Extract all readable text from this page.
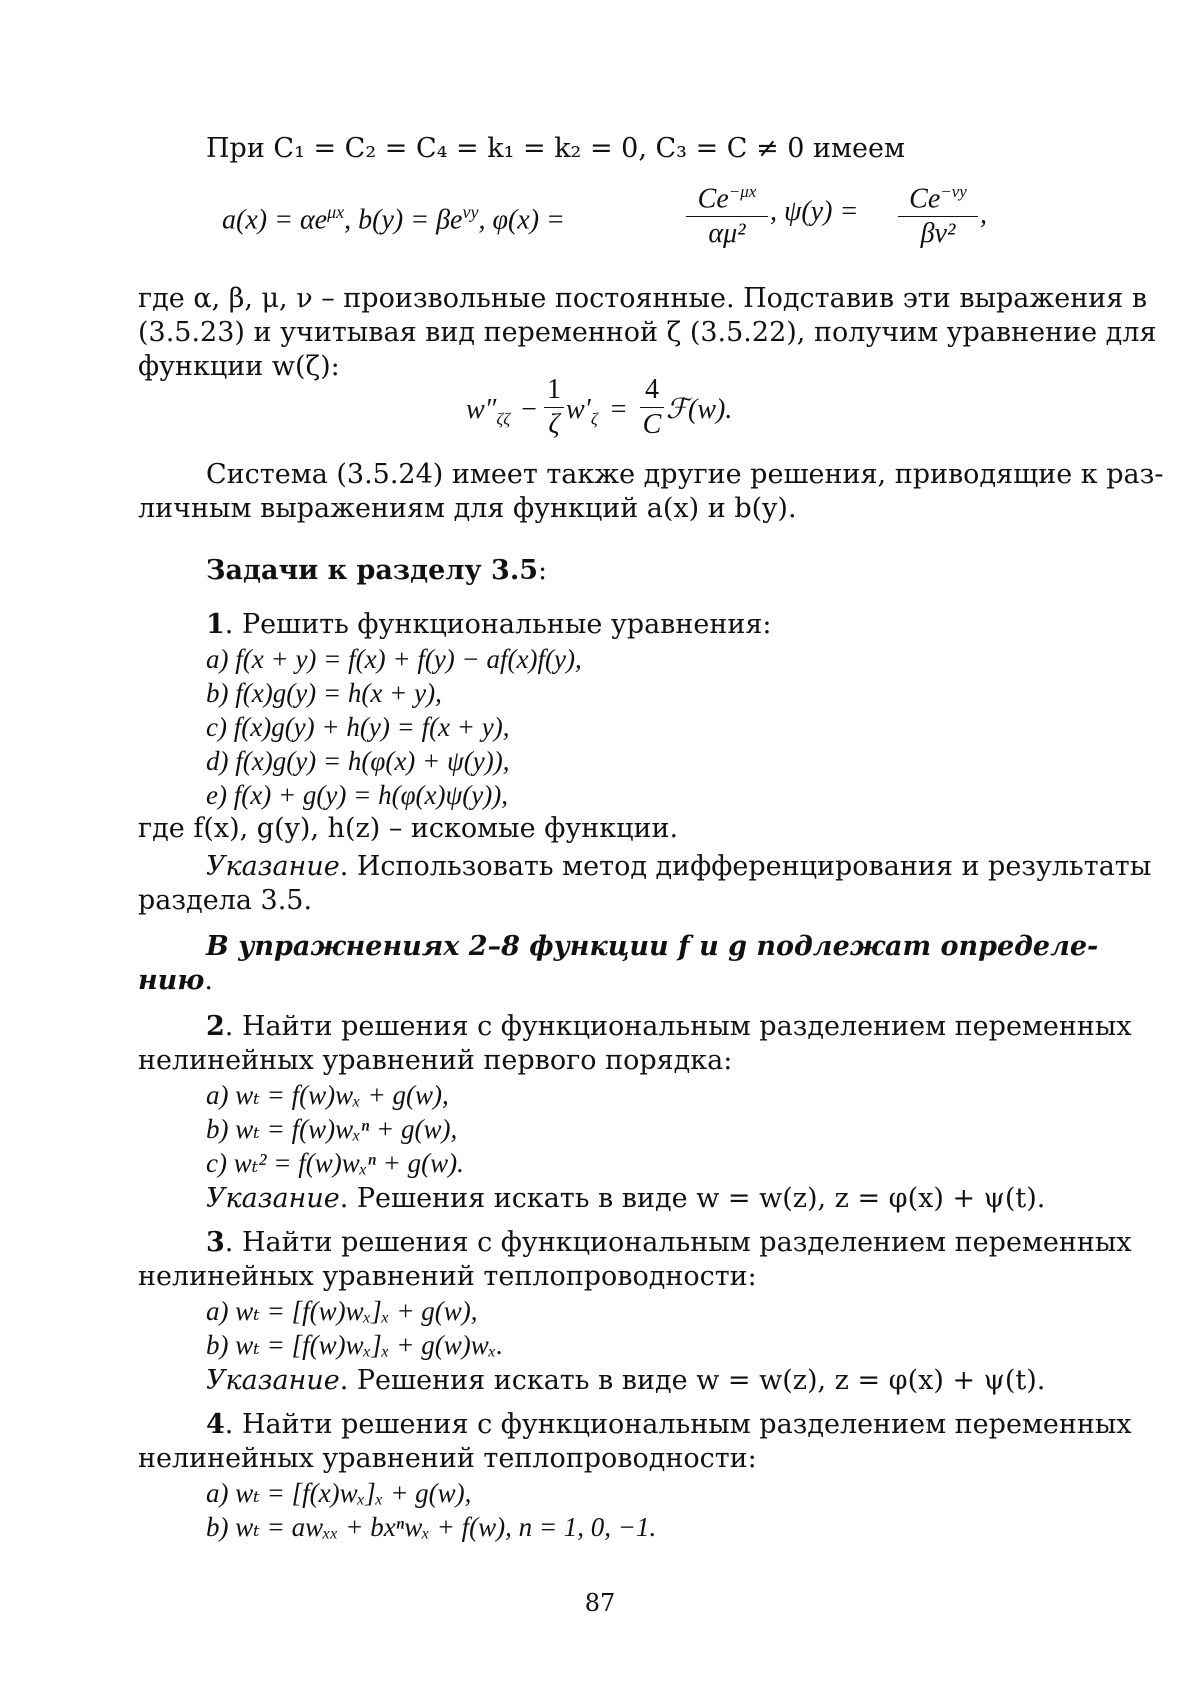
При C₁ = C₂ = C₄ = k₁ = k₂ = 0, C₃ = C ≠ 0 имеем
$a(x) = \alpha e^{\mu x}$, $b(y) = \beta e^{\nu y}$, φ(x) =
$Ce^{-\mu x}$
αμ²
, ψ(y) =	$Ce^{-\nu y}$
βν²
,
где α, β, μ, ν – произвольные постоянные. Подставив эти выражения в
(3.5.23) и учитывая вид переменной ζ (3.5.22), получим уравнение для
функции w(ζ):
$w''_{\zeta\zeta}$ −
1
ζ $w'_\zeta$ =
4
C ℱ(w).
Система (3.5.24) имеет также другие решения, приводящие к раз-
личным выражениям для функций a(x) и b(y).
Задачи к разделу 3.5:
1. Решить функциональные уравнения:
a) f(x + y) = f(x) + f(y) − af(x)f(y),
b) f(x)g(y) = h(x + y),
c) f(x)g(y) + h(y) = f(x + y),
d) f(x)g(y) = h(φ(x) + ψ(y)),
e) f(x) + g(y) = h(φ(x)ψ(y)),
где f(x), g(y), h(z) – искомые функции.
Указание. Использовать метод дифференцирования и результаты
раздела 3.5.
В упражнениях 2–8 функции f и g подлежат определе-
нию.
2. Найти решения с функциональным разделением переменных
нелинейных уравнений первого порядка:
a) wₜ = f(w)wₓ + g(w),
b) wₜ = f(w)wₓⁿ + g(w),
c) wₜ² = f(w)wₓⁿ + g(w).
Указание. Решения искать в виде w = w(z), z = φ(x) + ψ(t).
3. Найти решения с функциональным разделением переменных
нелинейных уравнений теплопроводности:
a) wₜ = [f(w)wₓ]ₓ + g(w),
b) wₜ = [f(w)wₓ]ₓ + g(w)wₓ.
Указание. Решения искать в виде w = w(z), z = φ(x) + ψ(t).
4. Найти решения с функциональным разделением переменных
нелинейных уравнений теплопроводности:
a) wₜ = [f(x)wₓ]ₓ + g(w),
b) wₜ = awₓₓ + bxⁿwₓ + f(w), n = 1, 0, −1.
87
